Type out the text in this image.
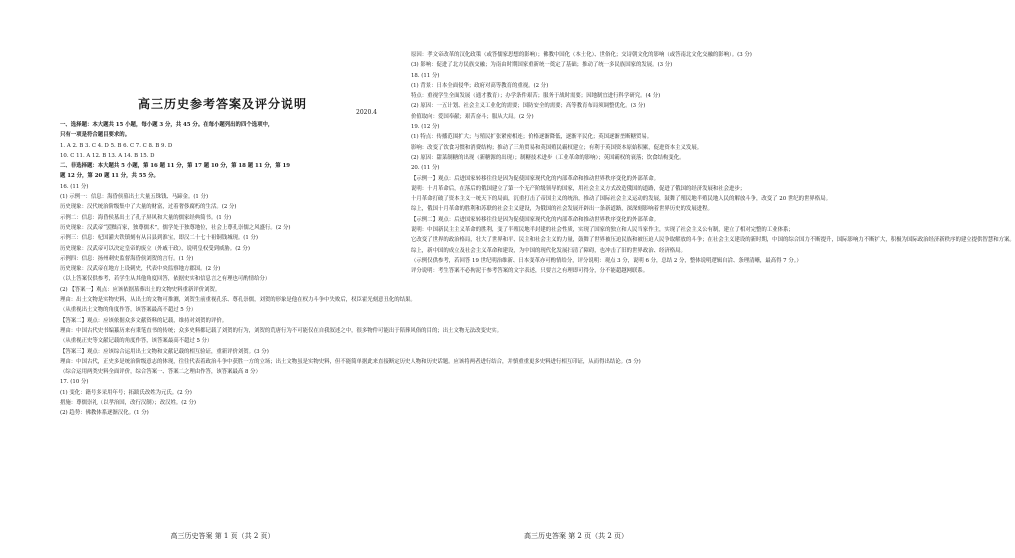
高三历史参考答案及评分说明
2020.4
一、选择题：本大题共 15 小题，每小题 3 分，共 45 分。在每小题列出的四个选项中，
只有一项是符合题目要求的。
1. A 2. B 3. C 4. D 5. B 6. C 7. C 8. B 9. D
10. C 11. A 12. B 13. A 14. B 15. D
二、非选择题：本大题共 5 小题，第 16 题 11 分，第 17 题 10 分，第 18 题 11 分，第 19
题 12 分，第 20 题 11 分，共 55 分。
16. (11 分)
(1) 示例一：信息：海昏侯墓出土大量五铢钱、马蹄金。(1 分)
历史现象：汉代统治阶级集中了大量的财富，过着奢侈腐朽的生活。(2 分)
示例二：信息：海昏侯墓出土了孔子屏风和大量的儒家经典简书。(1 分)
历史现象：汉武帝“罢黜百家，独尊儒术”，儒学处于独尊地位，社会上尊孔崇儒之风盛行。(2 分)
示例三：信息：杞国灌夫铁镇刻有从吕县到淮宝，即汉二十七十祖铜钱城现。(1 分)
历史现象：汉武帝可以决定皇帝的废立（外戚干政），说明皇权受到威胁。(2 分)
示例四：信息：扬州刺史监督海昏侯刘贺的言行。(1 分)
历史现象：汉武帝在地方上设刺史，代表中央监察地方郡国。(2 分)
（以上答案仅供参考，若学生从其他角度回答，依据史实和信息言之有理也可酌情给分）
(2) 【答案一】观点：应该依据墓葬出土的文物史料重新评价刘贺。
理由：出土文物是实物史料，从出土的文物可推测，刘贺生前重视孔乐、尊孔崇儒，刘贺的形象是他在权力斗争中失败后，权臣霍光刻意丑化的结果。
（从重视出土文物的角度作答，该答案最高不超过 5 分）
【答案二】观点：应该依据众多文献资料的记载，维持对刘贺的评价。
理由：中国古代史书编纂历来有秉笔直书的传统；众多史料都记载了刘贺的行为，刘贺的荒唐行为不可能仅在自我叙述之中，很多物件可能出于陪葬风俗的目的；出土文物无法改变史实。
（从重视正史等文献记载的角度作答，该答案最高不超过 5 分）
【答案三】观点：应该综合运用出土文物和文献记载的相互验证，重新评价刘贺。(3 分)
理由：中国古代，正史多是统治阶级意志的体现，往往代表着政治斗争中获胜一方的立场；出土文物虽是实物史料，但不能简单据此来直接断定历史人物和历史话题。应该将两者进行结合，并慎重重更多史料进行相互印证，从而得出结论。(5 分)
（综合运用两类史料全面评价，综合答案一、答案二之理由作答，该答案最高 8 分）
17. (10 分)
(1) 变化：籍号多采用年号；拓跋氏改姓为元氏。(2 分)
措施：尊儒崇礼（以孝治国，改行汉制）；改汉姓。(2 分)
(2) 趋势：佛教体系逐渐汉化。(1 分)
高三历史答案 第 1 页（共 2 页）
原因：孝文帝改革的汉化政策（或答儒家思想的影响）；佛教中国化（本土化）、世俗化；交诗朝文化的影响（或答南北文化交融的影响）。(3 分)
(3) 影响：促进了北方民族交融；为南由时期国家重新统一奠定了基础；推动了统一多民族国家的发展。(3 分)
18. (11 分)
(1) 背景：日本全面侵华；政府对高等教育的重视。(2 分)
特点：重视学生全面发展（通才教育）；办学条件艰苦；服务于战时需要；因地制宜进行科学研究。(4 分)
(2) 原因：一五计划、社会主义工业化的需要；国防安全的需要；高等教育布局须调整优化。(3 分)
价值取向：爱国奉献；艰苦奋斗；服从大局。(2 分)
19. (12 分)
(1) 特点：传播范围扩大；与殖民扩张紧密相连；价格逐渐降低，逐渐平民化；英国逐渐垄断糖贸易。
影响：改变了饮食习惯和消费结构；推动了三角贸易和英国殖民霸权建立；有利于英国资本原始积累，促进资本主义发展。
(2) 原因：甜菜制糖的出现（新糖源的出现）；制糖技术进步（工业革命的影响）；英国霸权的衰落；饮食结构变化。
20. (11 分)
【示例一】观点：后进国家转移往往是因为促使国家现代化的内部革命和推动世界秩序变化的外部革命。
说明：十月革命后，在落后的俄国建立了第一个无产阶级领导的国家，用社会主义方式改造俄国的道路，促进了俄国的经济发展和社会进步；
十月革命打破了资本主义一统天下的局面，沉重打击了帝国主义的统治，推动了国际社会主义运动的发展，鼓舞了殖民地半殖民地人民的解放斗争，改变了 20 世纪的世界格局。
综上，俄国十月革命的胜利和苏联的社会主义建设，为俄国的社会发展开辟出一条新道路，深深刻影响着世界历史的发展进程。
【示例二】观点：后进国家转移往往是因为促使国家现代化的内部革命和推动世界秩序变化的外部革命。
说明：中国新民主主义革命的胜利，变了半殖民地半封建的社会性质，实现了国家的独立和人民当家作主，实现了社会主义公有制，建立了相对完整的工业体系；
它改变了世界的政治格局，壮大了世界和平、民主和社会主义的力量，鼓舞了世界被压迫民族和被压迫人民争取解放的斗争；在社会主义建设的新时期，中国的综合国力不断提升，国际影响力不断扩大，积极为国际政治经济新秩序的建立提供智慧和方案。
综上，新中国的成立及社会主义革命和建设，为中国的现代化发展扫清了障碍，也冲击了旧的世界政治、经济格局。
（示例仅供参考，若回答 19 世纪明治维新、日本变革亦可酌情给分，评分说明：观点 3 分，说明 6 分，总结 2 分，整体说明逻辑自洽、条理清晰，最高得 7 分。）
评分说明：考生答案不必拘泥于参考答案的文字表述，只要言之有理即可得分，分不能超越网联系。
高三历史答案 第 2 页（共 2 页）
